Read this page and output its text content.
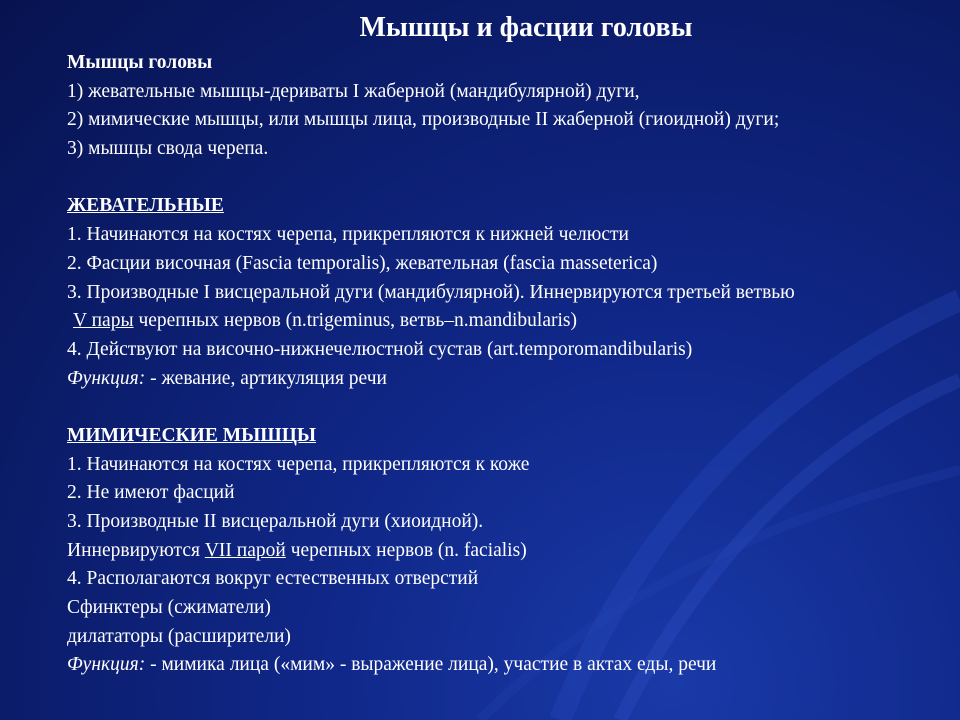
Мышцы и фасции головы
Мышцы головы
1) жевательные мышцы-дериваты I жаберной (мандибулярной) дуги,
2) мимические мышцы, или мышцы лица, производные II жаберной (гиоидной) дуги;
3) мышцы свода черепа.
ЖЕВАТЕЛЬНЫЕ
1. Начинаются на костях черепа, прикрепляются к нижней челюсти
2. Фасции височная (Fascia temporalis), жевательная (fascia masseterica)
3. Производные I висцеральной дуги (мандибулярной). Иннервируются третьей ветвью
V пары черепных нервов (n.trigeminus, ветвь–n.mandibularis)
4. Действуют на височно-нижнечелюстной сустав (art.temporomandibularis)
Функция: - жевание, артикуляция речи
МИМИЧЕСКИЕ МЫШЦЫ
1. Начинаются на костях черепа, прикрепляются к коже
2. Не имеют фасций
3. Производные II висцеральной дуги (хиоидной).
Иннервируются VII парой черепных нервов (n. facialis)
4. Располагаются вокруг естественных отверстий
Сфинктеры (сжиматели)
дилататоры (расширители)
Функция: - мимика лица («мим» - выражение лица), участие в актах еды, речи
